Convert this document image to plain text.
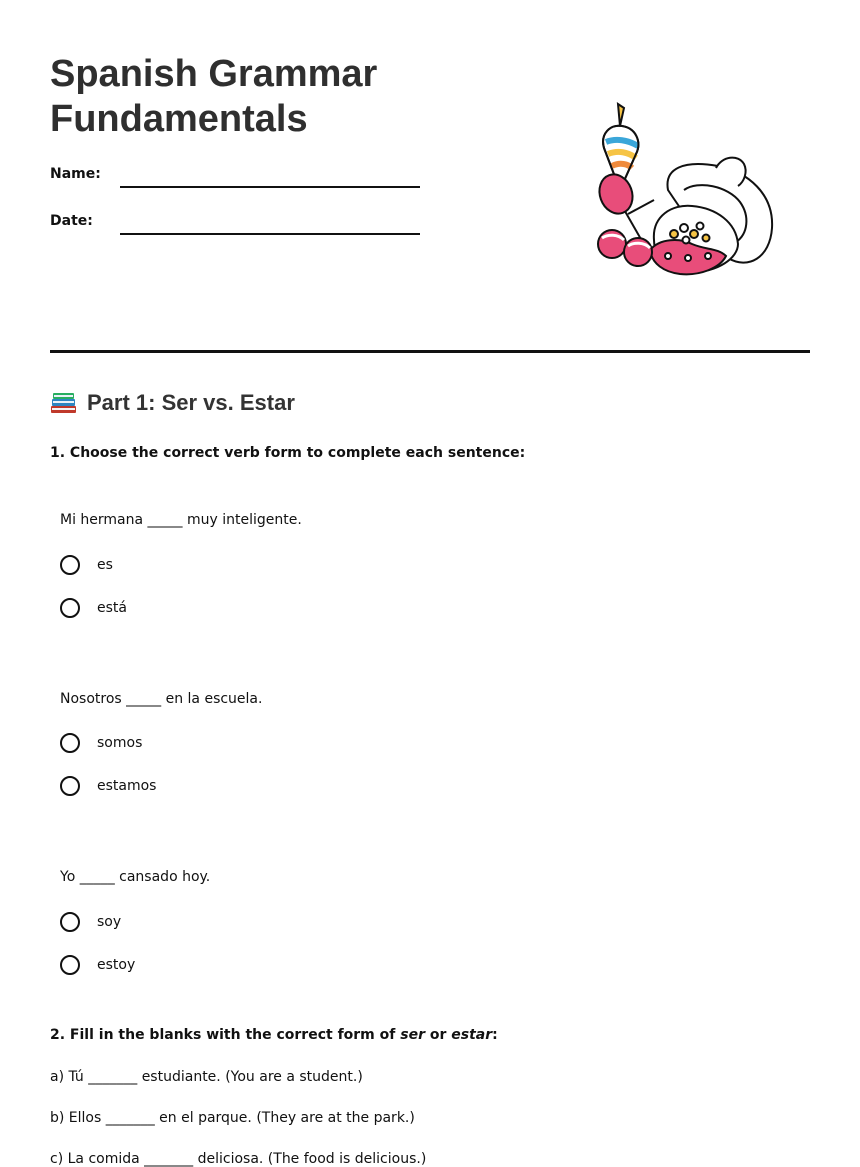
Spanish Grammar
Fundamentals
Name:
Date:
Part 1: Ser vs. Estar

1. Choose the correct verb form to complete each sentence:

Mi hermana _____ muy inteligente.
es
está
Nosotros _____ en la escuela.
somos
estamos
Yo _____ cansado hoy.
soy
estoy

2. Fill in the blanks with the correct form of ser or estar:

a) Tú _______ estudiante. (You are a student.)
b) Ellos _______ en el parque. (They are at the park.)
c) La comida _______ deliciosa. (The food is delicious.)
